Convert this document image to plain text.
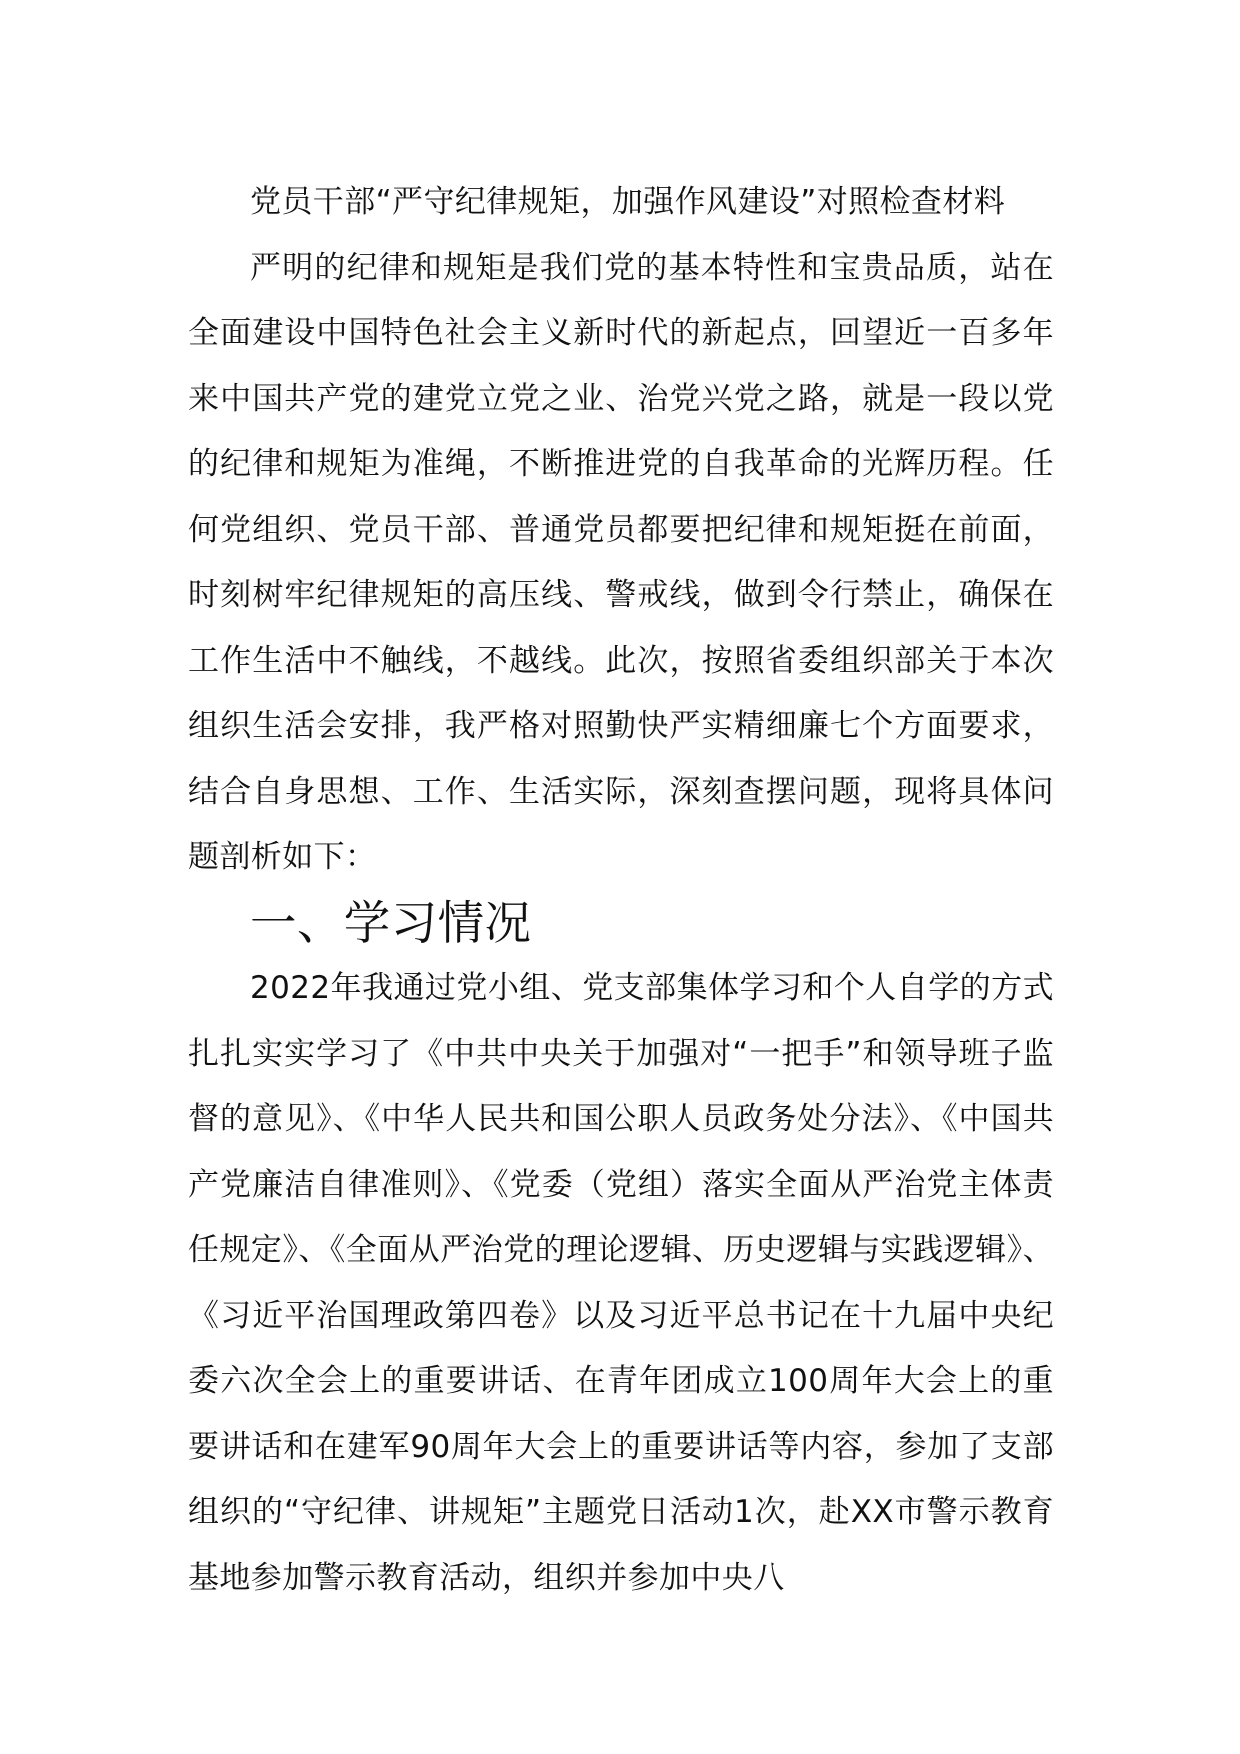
党员干部“严守纪律规矩，加强作风建设”对照检查材料

严明的纪律和规矩是我们党的基本特性和宝贵品质，站在全面建设中国特色社会主义新时代的新起点，回望近一百多年来中国共产党的建党立党之业、治党兴党之路，就是一段以党的纪律和规矩为准绳，不断推进党的自我革命的光辉历程。任何党组织、党员干部、普通党员都要把纪律和规矩挺在前面，时刻树牢纪律规矩的高压线、警戒线，做到令行禁止，确保在工作生活中不触线，不越线。此次，按照省委组织部关于本次组织生活会安排，我严格对照勤快严实精细廉七个方面要求，结合自身思想、工作、生活实际，深刻查摆问题，现将具体问题剖析如下：

一、学习情况

2022年我通过党小组、党支部集体学习和个人自学的方式扎扎实实学习了《中共中央关于加强对“一把手”和领导班子监督的意见》、《中华人民共和国公职人员政务处分法》、《中国共产党廉洁自律准则》、《党委（党组）落实全面从严治党主体责任规定》、《全面从严治党的理论逻辑、历史逻辑与实践逻辑》、《习近平治国理政第四卷》以及习近平总书记在十九届中央纪委六次全会上的重要讲话、在青年团成立100周年大会上的重要讲话和在建军90周年大会上的重要讲话等内容，参加了支部组织的“守纪律、讲规矩”主题党日活动1次，赴XX市警示教育基地参加警示教育活动，组织并参加中央八
